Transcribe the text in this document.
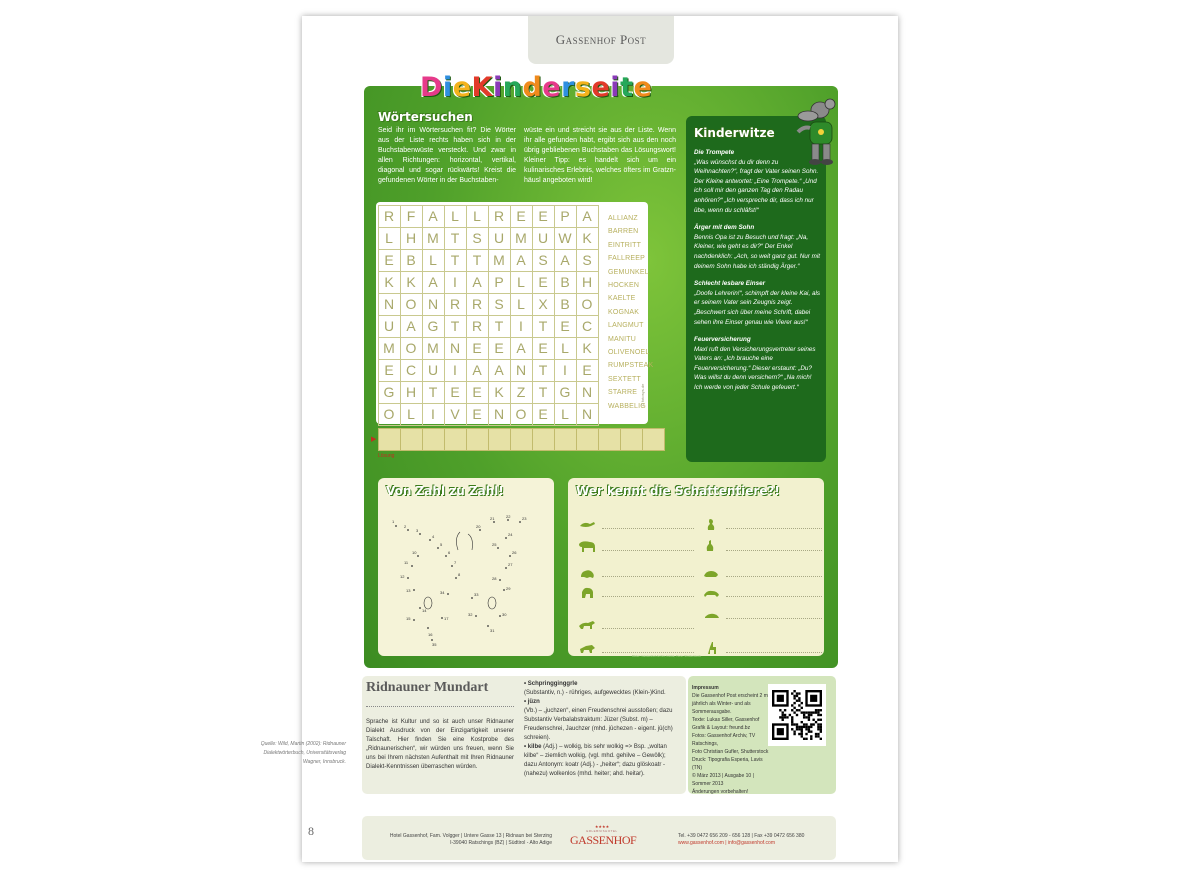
Gassenhof Post
DieKinderseite
Wörtersuchen
Seid ihr im Wörtersuchen fit? Die Wörter aus der Liste rechts haben sich in der Buchstabenwüste versteckt. Und zwar in allen Richtungen: horizontal, vertikal, diagonal und sogar rückwärts! Kreist die gefundenen Wörter in der Buchstaben-
wüste ein und streicht sie aus der Liste. Wenn ihr alle gefunden habt, ergibt sich aus den noch übrig gebliebenen Buchstaben das Lösungswort! Kleiner Tipp: es handelt sich um ein kulinarisches Erlebnis, welches öfters im Gratzn-häusl angeboten wird!
R F A L	L R E E P A
L H M T S U M U W K
E B L T T M A S A S
K K A	I	A P L E B H
N O N R R S L X B O
U A G T R T	I	T E C
M O M N E E A E L K
E C U	I	A A N T	I	E
G H T E E K Z T G N
O L	I	V E N O E L N
ALLIANZ
BARREN
EINTRITT
FALLREEP
GEMUNKEL
HOCKEN
KAELTE
KOGNAK
LANGMUT
MANITU
OLIVENOEL
RUMPSTEAK
SEXTETT
STARRE
WABBELIG
© fotosys.de
▶
Lösung
Kinderwitze
Die Trompete

„Was wünschst du dir denn zu Weihnachten?“, fragt der Vater seinen Sohn. Der Kleine antwortet: „Eine Trompete.“ „Und ich soll mir den ganzen Tag den Radau anhören?“ „Ich verspreche dir, dass ich nur übe, wenn du schläfst!“

Ärger mit dem Sohn

Bennis Opa ist zu Besuch und fragt: „Na, Kleiner, wie geht es dir?“ Der Enkel nachdenklich: „Ach, so weit ganz gut. Nur mit deinem Sohn habe ich ständig Ärger.“

Schlecht lesbare Einser

„Doofe Lehrerin!“, schimpft der kleine Kai, als er seinem Vater sein Zeugnis zeigt. „Beschwert sich über meine Schrift, dabei sehen ihre Einser genau wie Vierer aus!“

Feuerversicherung

Maxl ruft den Versicherungsvertreter seines Vaters an: „Ich brauche eine Feuerversicherung.“ Dieser erstaunt: „Du? Was willst du denn versichern?“ „Na mich! Ich werde von jeder Schule gefeuert.“

Von Zahl zu Zahl!
1
2
3
4
5
6
7
8
10
11
12
13
14
15
16
17
20
21	22	23
24
25
26
27
28
29
30
31
32
33
34
35
Wer kennt die Schattentiere?!
Bilder: Gassenhof Archiv, fotolia, Tiere: Shutterstock
Ridnauner Mundart
Sprache ist Kultur und so ist auch unser Ridnauner Dialekt Ausdruck von der Einzigartigkeit unserer Talschaft. Hier finden Sie eine Kostprobe des „Ridnaunerischen“, wir würden uns freuen, wenn Sie uns bei Ihrem nächsten Aufenthalt mit Ihren Ridnauner Dialekt-Kenntnissen überraschen würden.
• Schpringginggrle
(Substantiv, n.) - rühriges, aufgewecktes (Klein-)Kind.
• jüzn
(Vb.) – „juchzen“, einen Freudenschrei ausstoßen; dazu Substantiv Verbalabstraktum: Jüzer (Subst. m) – Freudenschrei, Jauchzer (mhd. jûchezen - eigent. jû(ch) schreien).
• kilbe (Adj.) – wolkig, bis sehr wolkig => Bsp. „woltan kilbe“ – ziemlich wolkig, (vgl. mhd. gehilve – Gewölk); dazu Antonym: koatr (Adj.) - „heiter“; dazu glöskoatr - (nahezu) wolkenlos (mhd. heiter; ahd. heitar).
Impressum
Die Gassenhof Post erscheint 2 mal jährlich als Winter- und als Sommerausgabe.
Texte: Lukas Siller, Gassenhof
Grafik & Layout: freund.bz
Fotos: Gassenhof Archiv, TV Ratschings,
Foto Christian Gufler, Shutterstock
Druck: Tipografia Esperia, Lavis (TN)
© März 2013 | Ausgabe 10 | Sommer 2013
Änderungen vorbehalten!
8	Hotel Gassenhof, Fam. Volgger | Untere Gasse 13 | Ridnaun bei Sterzing
I-39040 Ratschings (BZ) | Südtirol - Alto Adige
★★★★
ERLEBNISHOTEL
GASSENHOF	Tel. +39 0472 656 209 - 656 128 | Fax +39 0472 656 380
www.gassenhof.com | info@gassenhof.com
Quelle: Wild, Martin (2002): Ridnauner Dialektwörterbuch, Universitätsverlag Wagner, Innsbruck.
